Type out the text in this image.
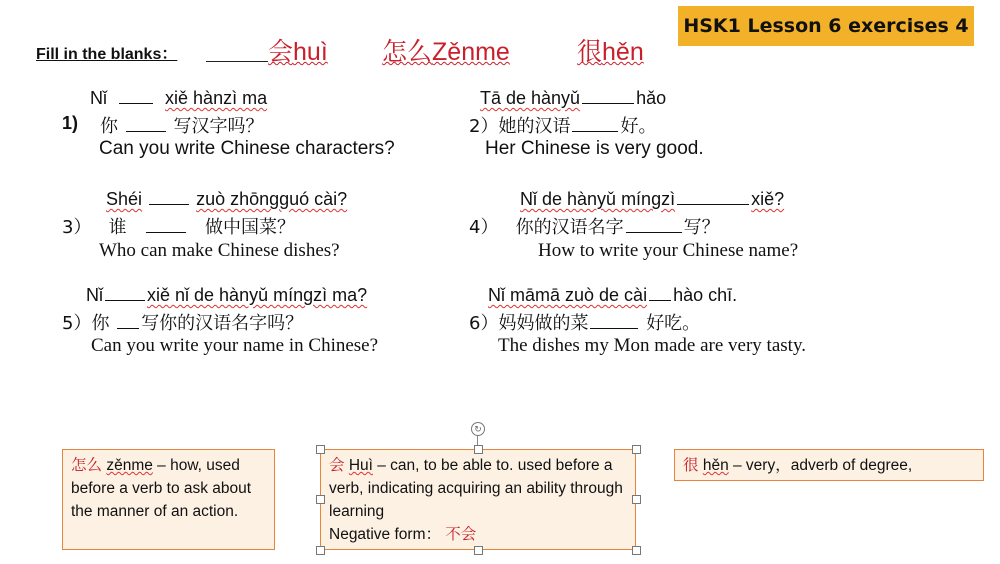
HSK1 Lesson 6 exercises 4
Fill in the blanks：	会huì 怎么Zěnme	很hěn
Nǐ	xiě hànzì ma
1) 你	写汉字吗？
Can you write Chinese characters?
Tā de hànyǔ	hǎo
2）她的汉语	好。
Her Chinese is very good.
Shéi	zuò zhōngguó cài?
3） 谁	做中国菜？
Who can make Chinese dishes?
Nǐ de hànyǔ míngzì	xiě?
4） 你的汉语名字	写？
How to write your Chinese name?
Nǐ xiě nǐ de hànyǔ míngzì ma?
5）你 写你的汉语名字吗？
Can you write your name in Chinese?
Nǐ māmā zuò de cài hào chī.
6）妈妈做的菜	好吃。
The dishes my Mon made are very tasty.
怎么 zěnme – how, used before a verb to ask about the manner of an action.
会 Huì – can, to be able to. used before a verb, indicating acquiring an ability through learning
Negative form： 不会
↻
很 hěn – very，adverb of degree,
